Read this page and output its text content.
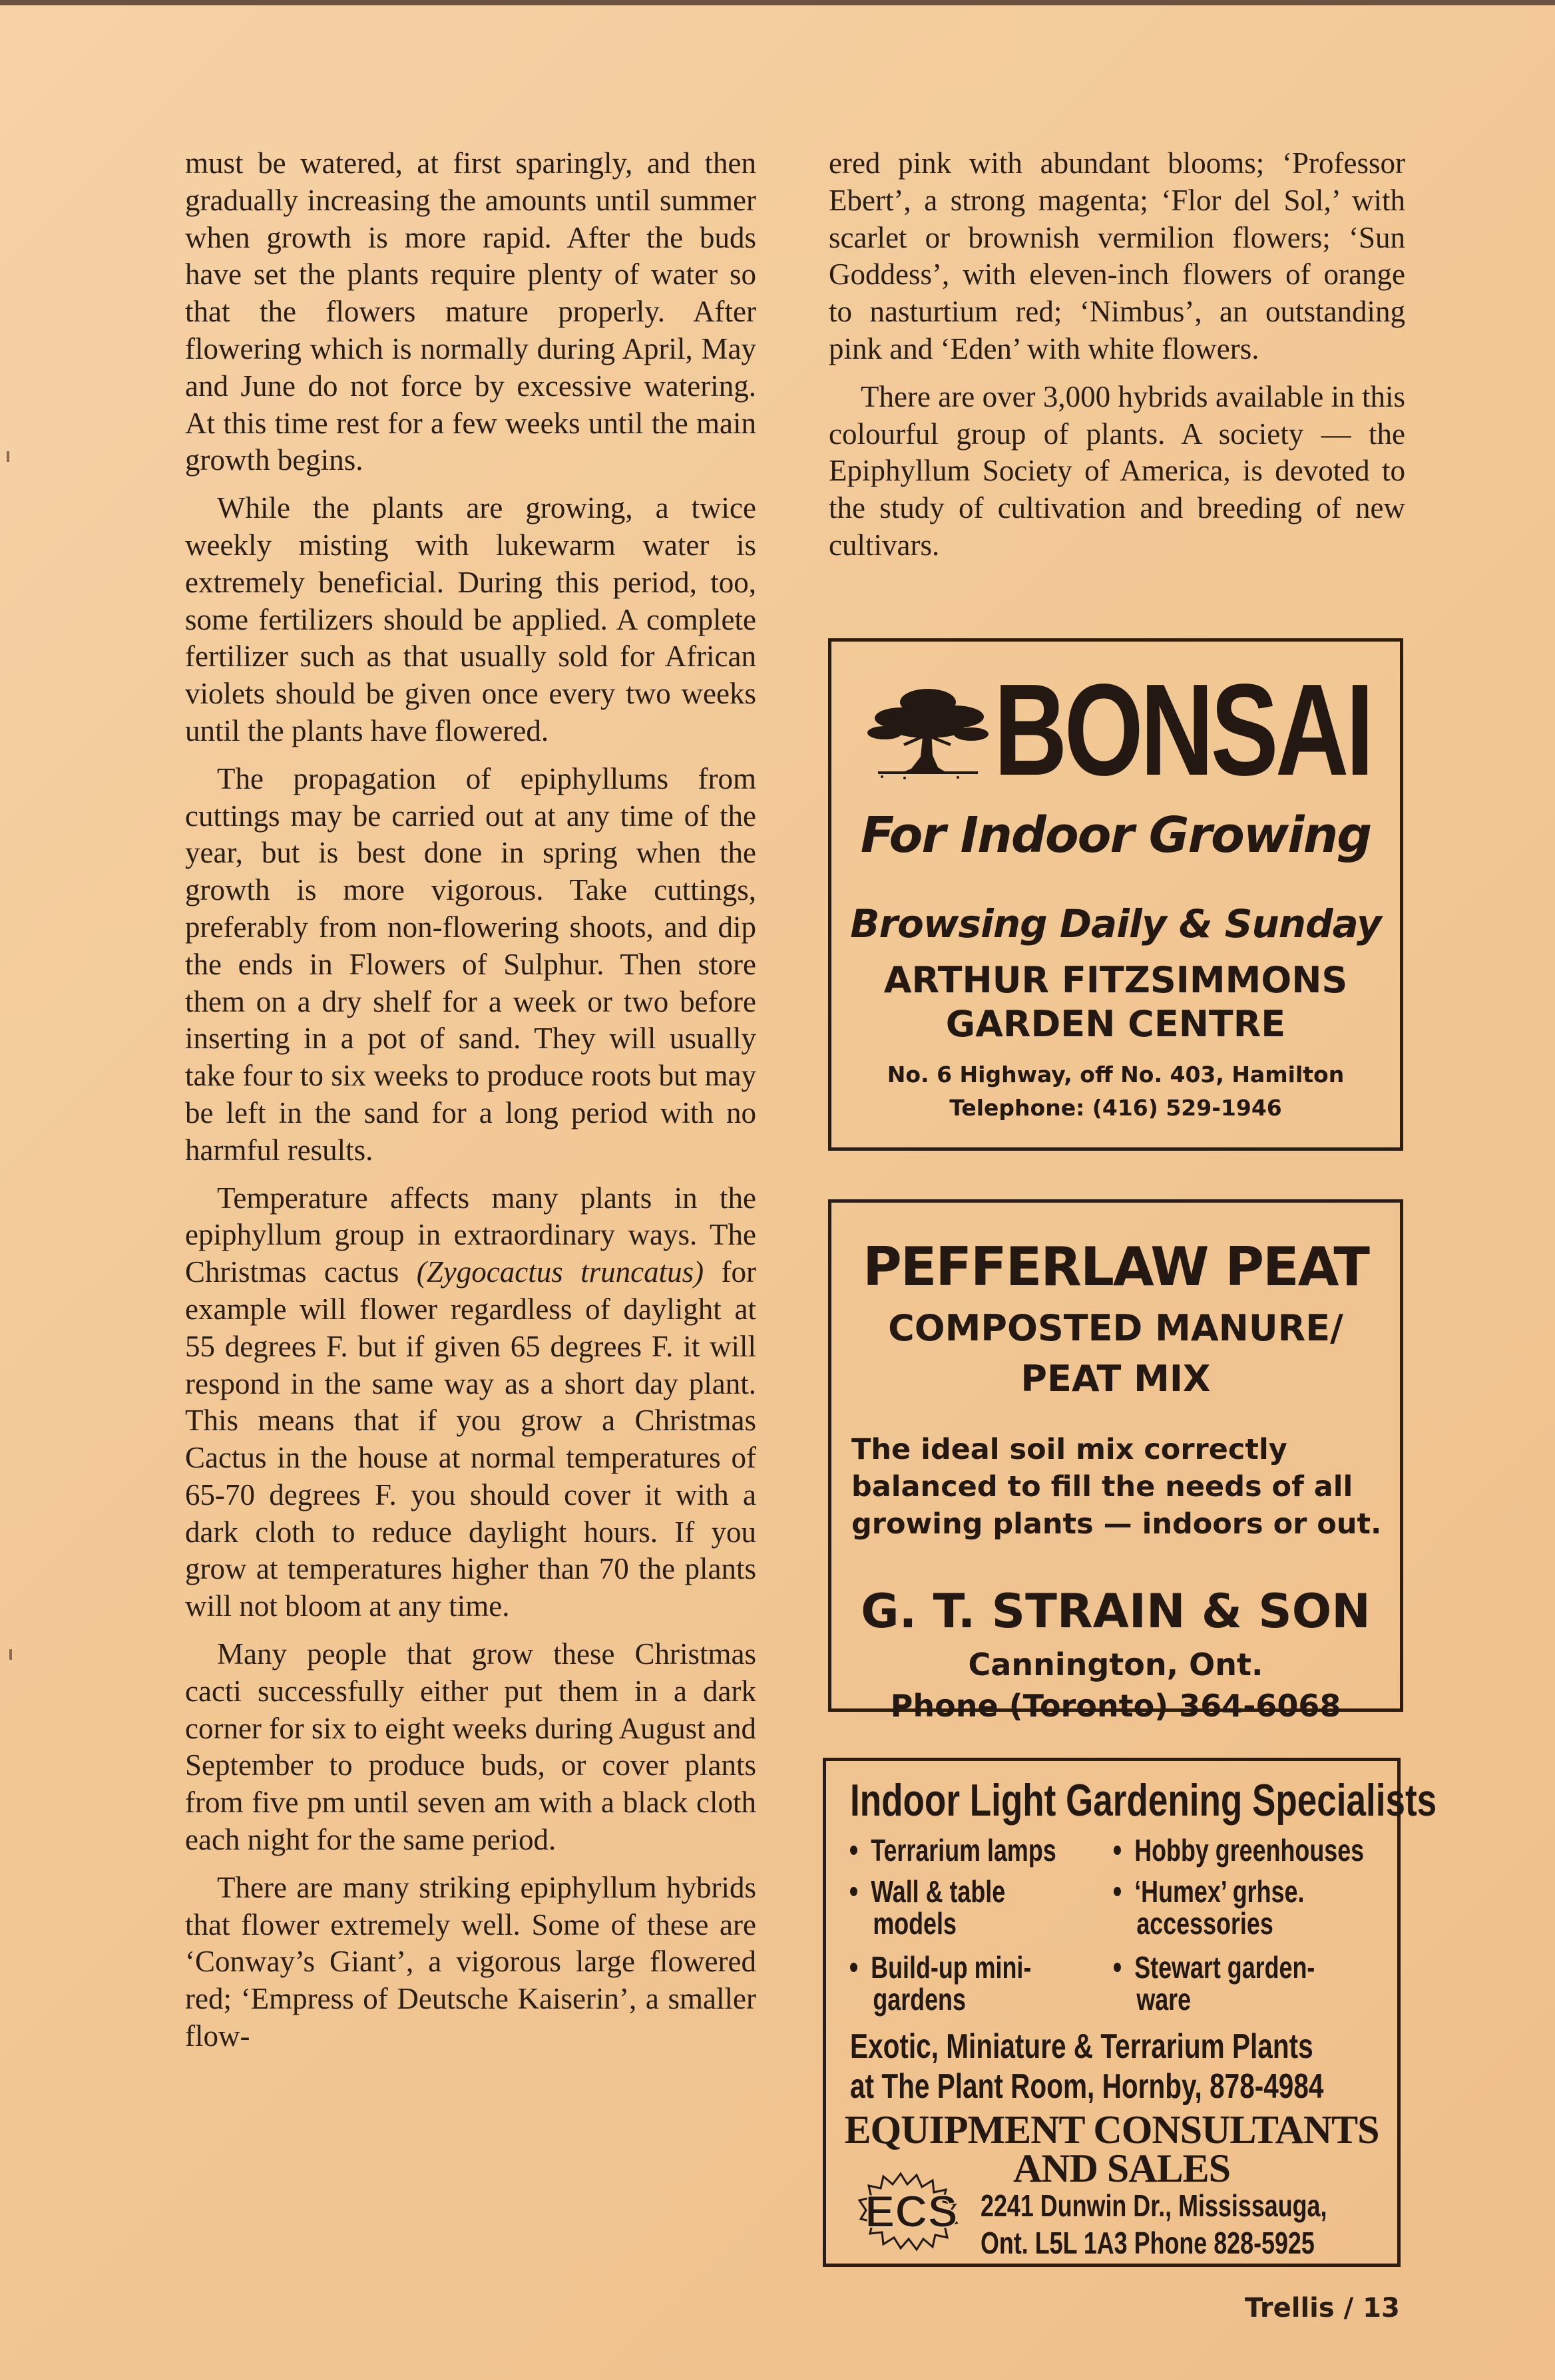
must be watered, at first sparingly, and then gradually increasing the amounts until summer when growth is more rapid. After the buds have set the plants require plenty of water so that the flowers mature properly. After flowering which is normally during April, May and June do not force by excessive watering. At this time rest for a few weeks until the main growth begins.

While the plants are growing, a twice weekly misting with lukewarm water is extremely beneficial. During this period, too, some fertilizers should be applied. A complete fertilizer such as that usually sold for African violets should be given once every two weeks until the plants have flowered.

The propagation of epiphyllums from cuttings may be carried out at any time of the year, but is best done in spring when the growth is more vigorous. Take cuttings, preferably from non-flowering shoots, and dip the ends in Flowers of Sulphur. Then store them on a dry shelf for a week or two before inserting in a pot of sand. They will usually take four to six weeks to produce roots but may be left in the sand for a long period with no harmful results.

Temperature affects many plants in the epiphyllum group in extraordinary ways. The Christmas cactus (Zygocactus truncatus) for example will flower regardless of daylight at 55 degrees F. but if given 65 degrees F. it will respond in the same way as a short day plant. This means that if you grow a Christmas Cactus in the house at normal temperatures of 65-70 degrees F. you should cover it with a dark cloth to reduce daylight hours. If you grow at temperatures higher than 70 the plants will not bloom at any time.

Many people that grow these Christmas cacti successfully either put them in a dark corner for six to eight weeks during August and September to produce buds, or cover plants from five pm until seven am with a black cloth each night for the same period.

There are many striking epiphyllum hybrids that flower extremely well. Some of these are ‘Conway’s Giant’, a vigorous large flowered red; ‘Empress of Deutsche Kaiserin’, a smaller flow-

ered pink with abundant blooms; ‘Professor Ebert’, a strong magenta; ‘Flor del Sol,’ with scarlet or brownish vermilion flowers; ‘Sun Goddess’, with eleven-inch flowers of orange to nasturtium red; ‘Nimbus’, an outstanding pink and ‘Eden’ with white flowers.

There are over 3,000 hybrids available in this colourful group of plants. A society — the Epiphyllum Society of America, is devoted to the study of cultivation and breeding of new cultivars.

BONSAI
For Indoor Growing
Browsing Daily & Sunday
ARTHUR FITZSIMMONS
GARDEN CENTRE
No. 6 Highway, off No. 403, Hamilton
Telephone: (416) 529-1946
PEFFERLAW PEAT
COMPOSTED MANURE/
PEAT MIX
The ideal soil mix correctly balanced to fill the needs of all growing plants — indoors or out.
G. T. STRAIN & SON
Cannington, Ont.
Phone (Toronto) 364-6068
Indoor Light Gardening Specialists
Terrarium lamps	Hobby greenhouses
Wall & table
models
‘Humex’ grhse.
accessories
Build-up mini-
gardens
Stewart garden-
ware
Exotic, Miniature & Terrarium Plants
at The Plant Room, Hornby, 878-4984
EQUIPMENT CONSULTANTS
AND SALES
ECS 2241 Dunwin Dr., Mississauga,
Ont. L5L 1A3 Phone 828-5925
Trellis / 13
